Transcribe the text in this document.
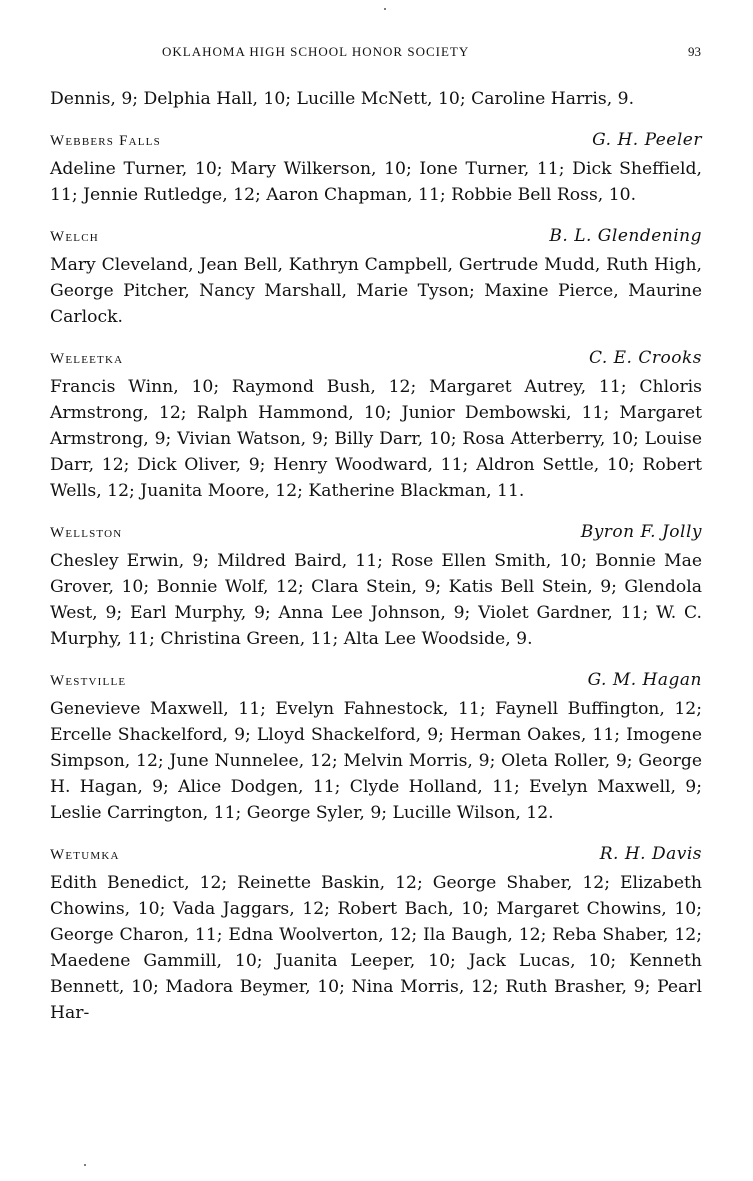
OKLAHOMA HIGH SCHOOL HONOR SOCIETY	93

Dennis, 9; Delphia Hall, 10; Lucille McNett, 10; Caroline Harris, 9.

Webbers Falls	G. H. Peeler

Adeline Turner, 10; Mary Wilkerson, 10; Ione Turner, 11; Dick Sheffield, 11; Jennie Rutledge, 12; Aaron Chapman, 11; Robbie Bell Ross, 10.

Welch	B. L. Glendening

Mary Cleveland, Jean Bell, Kathryn Campbell, Gertrude Mudd, Ruth High, George Pitcher, Nancy Marshall, Marie Tyson; Maxine Pierce, Maurine Carlock.

Weleetka	C. E. Crooks

Francis Winn, 10; Raymond Bush, 12; Margaret Autrey, 11; Chloris Armstrong, 12; Ralph Hammond, 10; Junior Dembowski, 11; Margaret Armstrong, 9; Vivian Watson, 9; Billy Darr, 10; Rosa Atterberry, 10; Louise Darr, 12; Dick Oliver, 9; Henry Woodward, 11; Aldron Settle, 10; Robert Wells, 12; Juanita Moore, 12; Katherine Blackman, 11.

Wellston	Byron F. Jolly

Chesley Erwin, 9; Mildred Baird, 11; Rose Ellen Smith, 10; Bonnie Mae Grover, 10; Bonnie Wolf, 12; Clara Stein, 9; Katis Bell Stein, 9; Glendola West, 9; Earl Murphy, 9; Anna Lee Johnson, 9; Violet Gardner, 11; W. C. Murphy, 11; Christina Green, 11; Alta Lee Woodside, 9.

Westville	G. M. Hagan

Genevieve Maxwell, 11; Evelyn Fahnestock, 11; Faynell Buffington, 12; Ercelle Shackelford, 9; Lloyd Shackelford, 9; Herman Oakes, 11; Imogene Simpson, 12; June Nunnelee, 12; Melvin Morris, 9; Oleta Roller, 9; George H. Hagan, 9; Alice Dodgen, 11; Clyde Holland, 11; Evelyn Maxwell, 9; Leslie Carrington, 11; George Syler, 9; Lucille Wilson, 12.

Wetumka	R. H. Davis

Edith Benedict, 12; Reinette Baskin, 12; George Shaber, 12; Elizabeth Chowins, 10; Vada Jaggars, 12; Robert Bach, 10; Margaret Chowins, 10; George Charon, 11; Edna Woolverton, 12; Ila Baugh, 12; Reba Shaber, 12; Maedene Gammill, 10; Juanita Leeper, 10; Jack Lucas, 10; Kenneth Bennett, 10; Madora Beymer, 10; Nina Morris, 12; Ruth Brasher, 9; Pearl Har-
